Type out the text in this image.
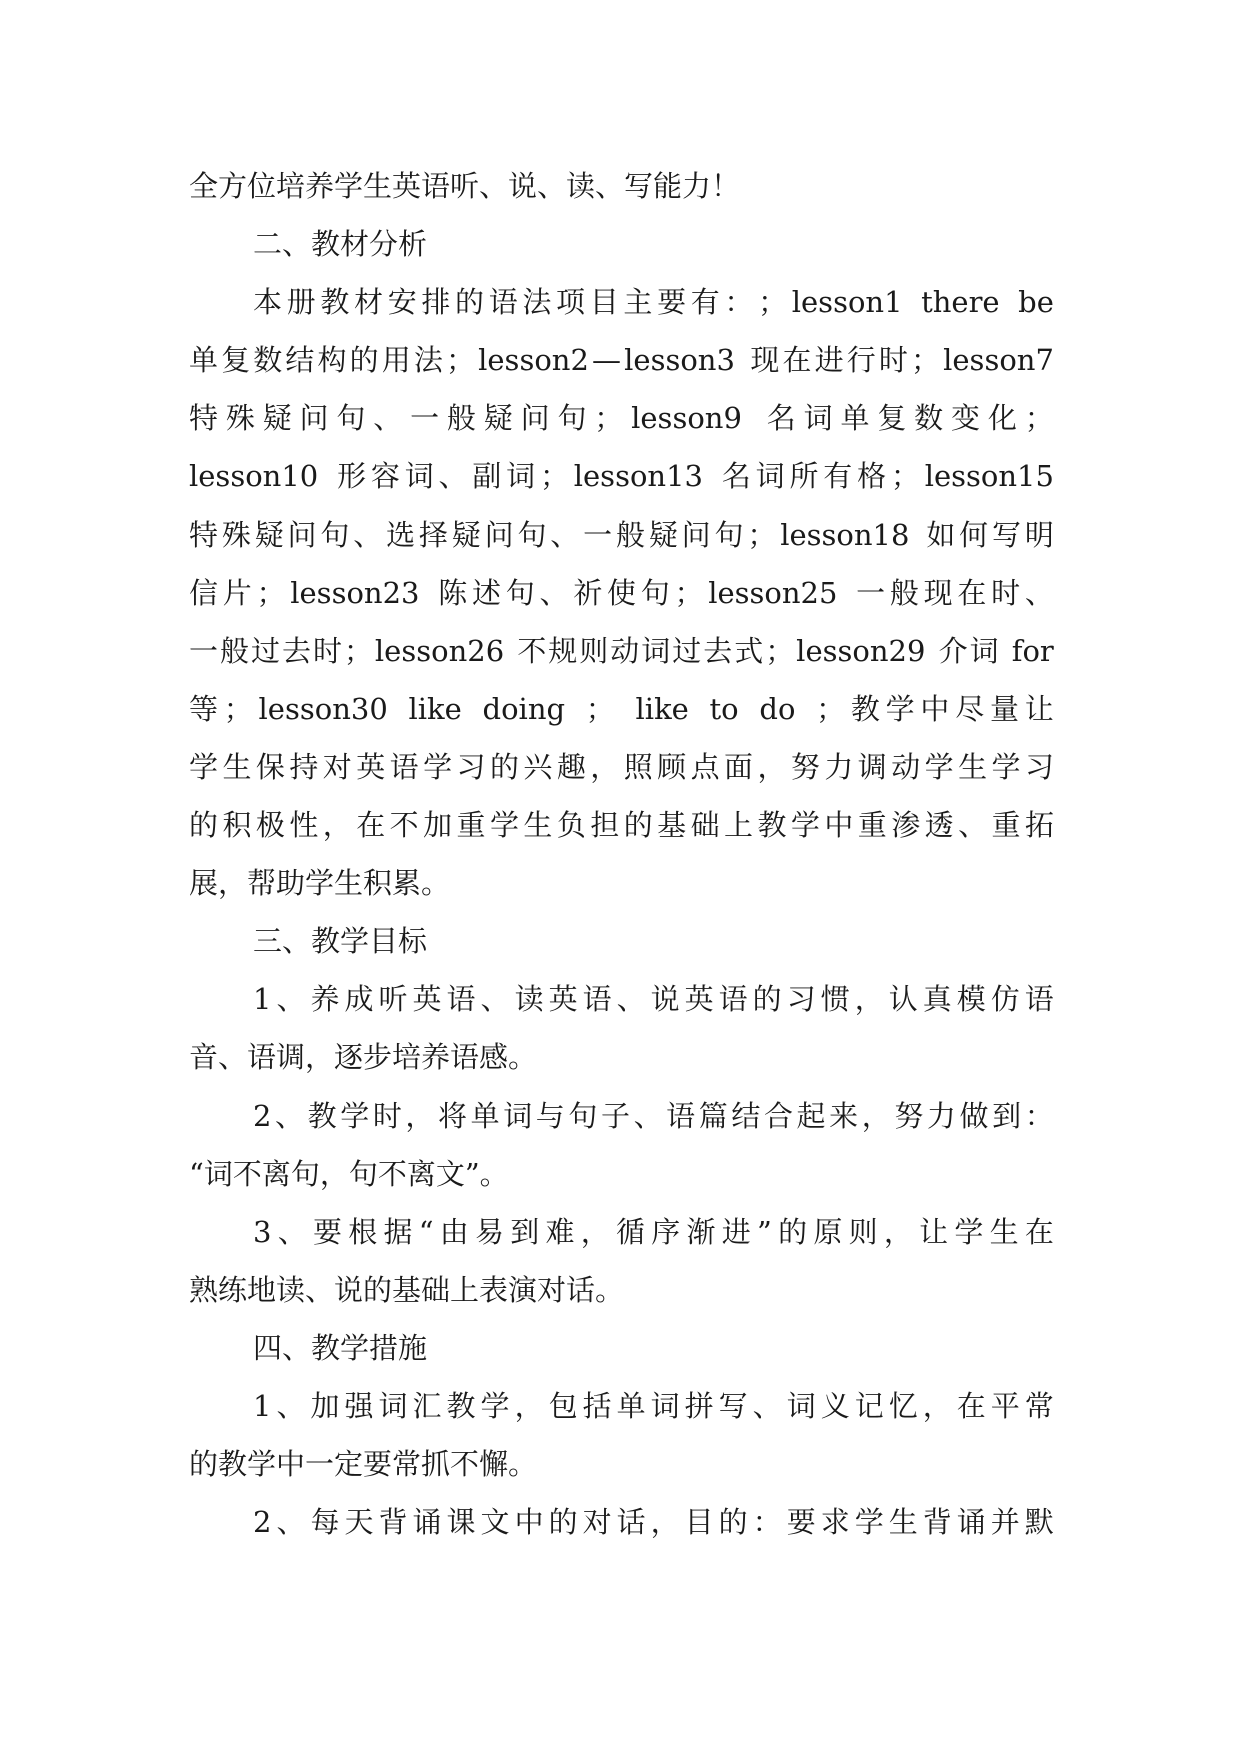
全方位培养学生英语听、说、读、写能力！
二、教材分析
本 册 教 材 安 排 的 语 法 项 目 主 要 有 ： ； lesson1
there
be
单 复 数 结 构 的 用 法 ； lesson2 — lesson3
现 在 进 行 时 ； lesson7
特 殊 疑 问 句 、 一 般 疑 问 句 ； lesson9
名 词 单 复 数 变 化 ；
lesson10
形 容 词 、 副 词 ； lesson13
名 词 所 有 格 ； lesson15
特 殊 疑 问 句 、 选 择 疑 问 句 、 一 般 疑 问 句 ； lesson18
如 何 写 明
信 片 ； lesson23
陈 述 句 、 祈 使 句 ； lesson25
一 般 现 在 时 、
一 般 过 去 时 ； lesson26
不 规 则 动 词 过 去 式 ； lesson29
介 词
for
等 ； lesson30
like
doing
；
like
to
do
； 教 学 中 尽 量 让
学 生 保 持 对 英 语 学 习 的 兴 趣 ， 照 顾 点 面 ， 努 力 调 动 学 生 学 习
的 积 极 性 ， 在 不 加 重 学 生 负 担 的 基 础 上 教 学 中 重 渗 透 、 重 拓
展，帮助学生积累。
三、教学目标
1 、 养 成 听 英 语 、 读 英 语 、 说 英 语 的 习 惯 ， 认 真 模 仿 语
音、语调，逐步培养语感。
2 、 教 学 时 ， 将 单 词 与 句 子 、 语 篇 结 合 起 来 ， 努 力 做 到 ：
“词不离句，句不离文”。
3 、 要 根 据 “ 由 易 到 难 ， 循 序 渐 进 ” 的 原 则 ， 让 学 生 在
熟练地读、说的基础上表演对话。
四、教学措施
1 、 加 强 词 汇 教 学 ， 包 括 单 词 拼 写 、 词 义 记 忆 ， 在 平 常
的教学中一定要常抓不懈。
2 、 每 天 背 诵 课 文 中 的 对 话 ， 目 的 ： 要 求 学 生 背 诵 并 默
